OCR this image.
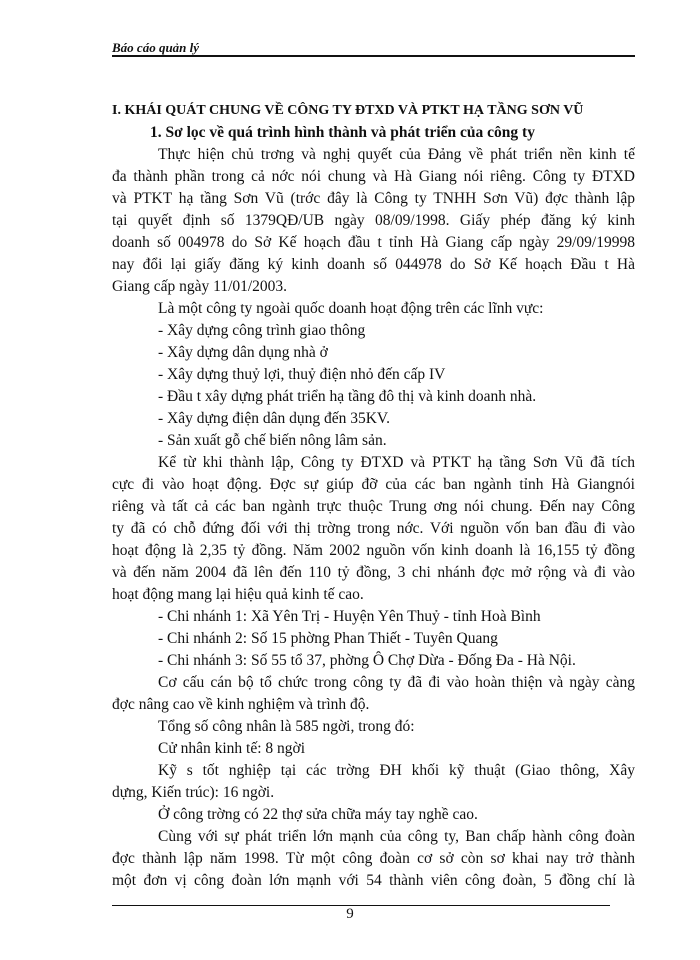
Báo cáo quản lý
I. KHÁI QUÁT CHUNG VỀ CÔNG TY ĐTXD VÀ PTKT HẠ TẦNG SƠN VŨ
1. Sơ lọc về quá trình hình thành và phát triển của công ty
Thực hiện chủ trơng và nghị quyết của Đảng về phát triển nền kinh tế
đa thành phần trong cả nớc nói chung và Hà Giang nói riêng. Công ty ĐTXD
và PTKT hạ tầng Sơn Vũ (trớc đây là Công ty TNHH Sơn Vũ) đợc thành lập
tại quyết định số 1379QĐ/UB ngày 08/09/1998. Giấy phép đăng ký kinh
doanh số 004978 do Sở Kế hoạch đầu t tỉnh Hà Giang cấp ngày 29/09/19998
nay đổi lại giấy đăng ký kinh doanh số 044978 do Sở Kế hoạch Đầu t Hà
Giang cấp ngày 11/01/2003.
Là một công ty ngoài quốc doanh hoạt động trên các lĩnh vực:
- Xây dựng công trình giao thông
- Xây dựng dân dụng nhà ở
- Xây dựng thuỷ lợi, thuỷ điện nhỏ đến cấp IV
- Đầu t xây dựng phát triển hạ tầng đô thị và kinh doanh nhà.
- Xây dựng điện dân dụng đến 35KV.
- Sản xuất gỗ chế biến nông lâm sản.
Kể từ khi thành lập, Công ty ĐTXD và PTKT hạ tầng Sơn Vũ đã tích
cực đi vào hoạt động. Đợc sự giúp đỡ của các ban ngành tỉnh Hà Giangnói
riêng và tất cả các ban ngành trực thuộc Trung ơng nói chung. Đến nay Công
ty đã có chỗ đứng đối với thị trờng trong nớc. Với nguồn vốn ban đầu đi vào
hoạt động là 2,35 tỷ đồng. Năm 2002 nguồn vốn kinh doanh là 16,155 tỷ đồng
và đến năm 2004 đã lên đến 110 tỷ đồng, 3 chi nhánh đợc mở rộng và đi vào
hoạt động mang lại hiệu quả kinh tế cao.
- Chi nhánh 1: Xã Yên Trị - Huyện Yên Thuỷ - tỉnh Hoà Bình
- Chi nhánh 2: Số 15 phờng Phan Thiết - Tuyên Quang
- Chi nhánh 3: Số 55 tổ 37, phờng Ô Chợ Dừa - Đống Đa - Hà Nội.
Cơ cấu cán bộ tổ chức trong công ty đã đi vào hoàn thiện và ngày càng
đợc nâng cao về kinh nghiệm và trình độ.
Tổng số công nhân là 585 ngời, trong đó:
Cử nhân kinh tế: 8 ngời
Kỹ s tốt nghiệp tại các trờng ĐH khối kỹ thuật (Giao thông, Xây
dựng, Kiến trúc): 16 ngời.
Ở công trờng có 22 thợ sửa chữa máy tay nghề cao.
Cùng với sự phát triển lớn mạnh của công ty, Ban chấp hành công đoàn
đợc thành lập năm 1998. Từ một công đoàn cơ sở còn sơ khai nay trở thành
một đơn vị công đoàn lớn mạnh với 54 thành viên công đoàn, 5 đồng chí là
9
